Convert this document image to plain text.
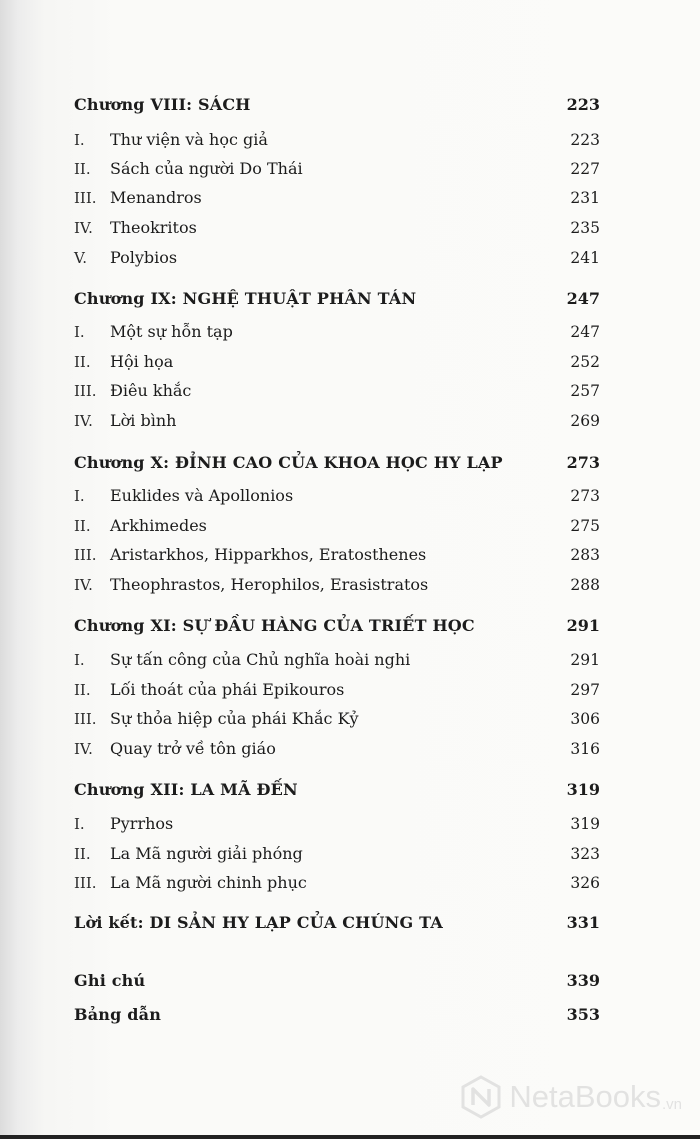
Chương VIII: SÁCH	223
I.	Thư viện và học giả	223
II.	Sách của người Do Thái	227
III. Menandros	231
IV.	Theokritos	235
V.	Polybios	241
Chương IX: NGHỆ THUẬT PHÂN TÁN	247
I.	Một sự hỗn tạp	247
II.	Hội họa	252
III. Điêu khắc	257
IV.	Lời bình	269
Chương X: ĐỈNH CAO CỦA KHOA HỌC HY LẠP	273
I.	Euklides và Apollonios	273
II.	Arkhimedes	275
III. Aristarkhos, Hipparkhos, Eratosthenes	283
IV.	Theophrastos, Herophilos, Erasistratos	288
Chương XI: SỰ ĐẦU HÀNG CỦA TRIẾT HỌC	291
I.	Sự tấn công của Chủ nghĩa hoài nghi	291
II.	Lối thoát của phái Epikouros	297
III. Sự thỏa hiệp của phái Khắc Kỷ	306
IV.	Quay trở về tôn giáo	316
Chương XII: LA MÃ ĐẾN	319
I.	Pyrrhos	319
II.	La Mã người giải phóng	323
III. La Mã người chinh phục	326
Lời kết: DI SẢN HY LẠP CỦA CHÚNG TA	331
Ghi chú	339
Bảng dẫn	353
NetaBooks .vn
